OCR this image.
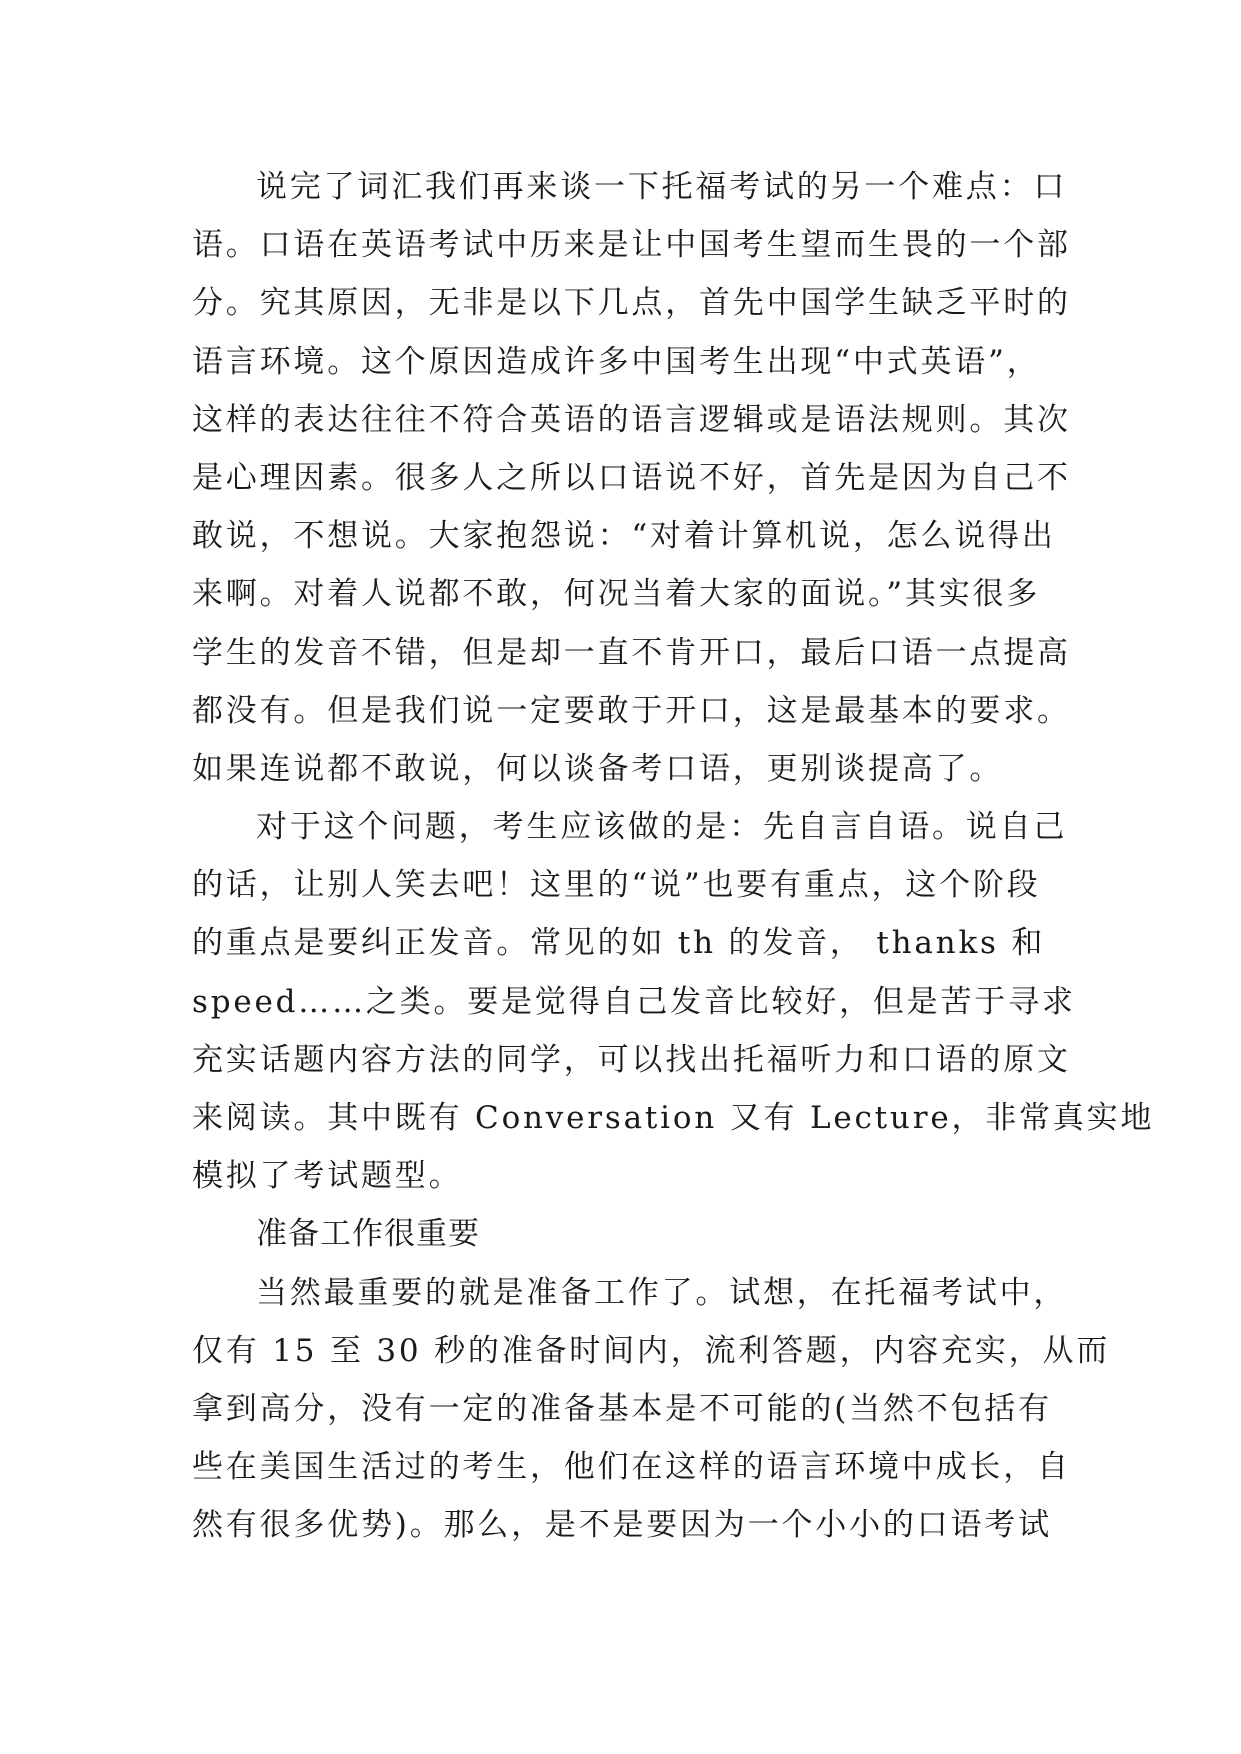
说完了词汇我们再来谈一下托福考试的另一个难点：口
语。口语在英语考试中历来是让中国考生望而生畏的一个部
分。究其原因，无非是以下几点，首先中国学生缺乏平时的
语言环境。这个原因造成许多中国考生出现“中式英语”，
这样的表达往往不符合英语的语言逻辑或是语法规则。其次
是心理因素。很多人之所以口语说不好，首先是因为自己不
敢说，不想说。大家抱怨说：“对着计算机说，怎么说得出
来啊。对着人说都不敢，何况当着大家的面说。”其实很多
学生的发音不错，但是却一直不肯开口，最后口语一点提高
都没有。但是我们说一定要敢于开口，这是最基本的要求。
如果连说都不敢说，何以谈备考口语，更别谈提高了。
对于这个问题，考生应该做的是：先自言自语。说自己
的话，让别人笑去吧！这里的“说”也要有重点，这个阶段
的重点是要纠正发音。常见的如 th 的发音， thanks 和
speed……之类。要是觉得自己发音比较好，但是苦于寻求
充实话题内容方法的同学，可以找出托福听力和口语的原文
来阅读。其中既有 Conversation 又有 Lecture，非常真实地
模拟了考试题型。
准备工作很重要
当然最重要的就是准备工作了。试想，在托福考试中，
仅有 15 至 30 秒的准备时间内，流利答题，内容充实，从而
拿到高分，没有一定的准备基本是不可能的(当然不包括有
些在美国生活过的考生，他们在这样的语言环境中成长，自
然有很多优势)。那么，是不是要因为一个小小的口语考试
